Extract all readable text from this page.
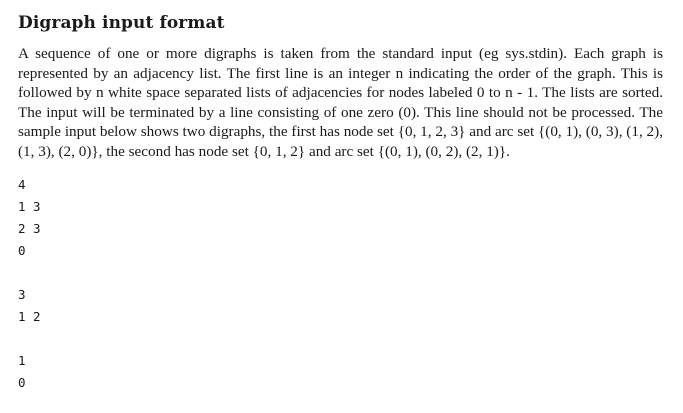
Digraph input format

A sequence of one or more digraphs is taken from the standard input (eg sys.stdin). Each graph is represented by an adjacency list. The first line is an integer n indicating the order of the graph. This is followed by n white space separated lists of adjacencies for nodes labeled 0 to n - 1. The lists are sorted. The input will be terminated by a line consisting of one zero (0). This line should not be processed. The sample input below shows two digraphs, the first has node set {0, 1, 2, 3} and arc set {(0, 1), (0, 3), (1, 2), (1, 3), (2, 0)}, the second has node set {0, 1, 2} and arc set {(0, 1), (0, 2), (2, 1)}.

4
1 3
2 3
0
3
1 2
1
0
